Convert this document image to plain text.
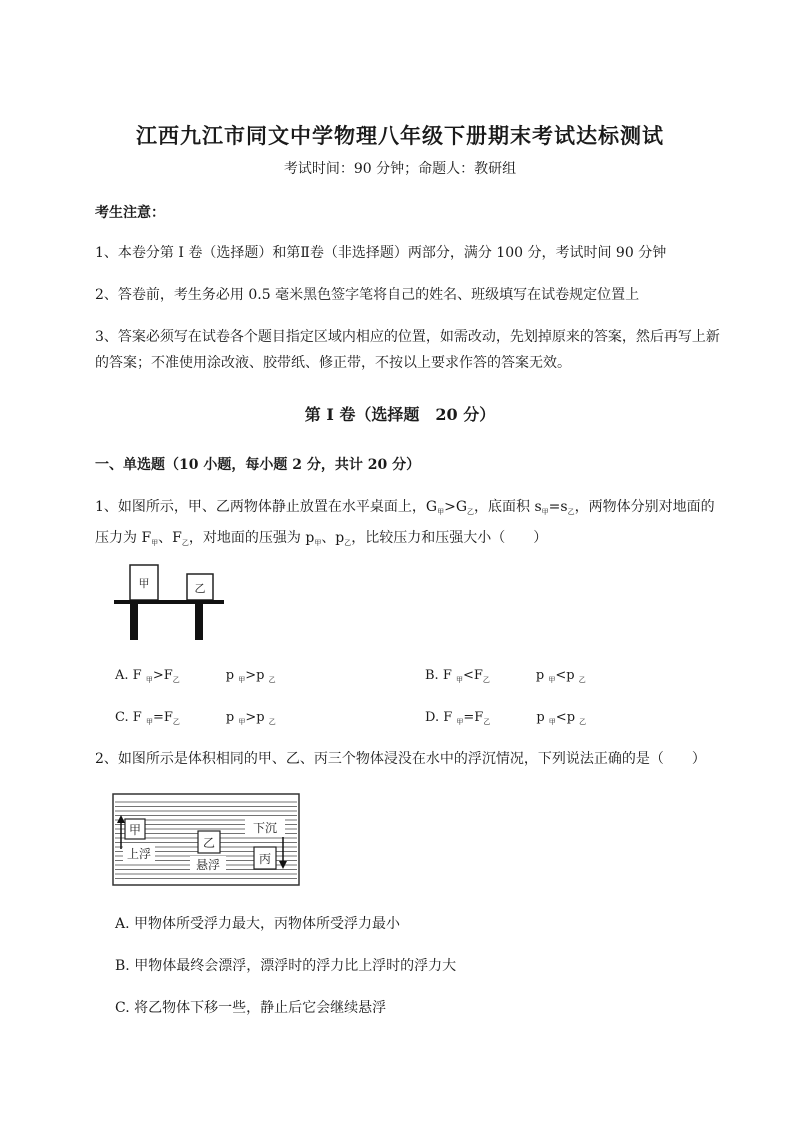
江西九江市同文中学物理八年级下册期末考试达标测试
考试时间：90 分钟；命题人：教研组
考生注意：
1、本卷分第 I 卷（选择题）和第Ⅱ卷（非选择题）两部分，满分 100 分，考试时间 90 分钟
2、答卷前，考生务必用 0.5 毫米黑色签字笔将自己的姓名、班级填写在试卷规定位置上
3、答案必须写在试卷各个题目指定区域内相应的位置，如需改动，先划掉原来的答案，然后再写上新的答案；不准使用涂改液、胶带纸、修正带，不按以上要求作答的答案无效。
第 I 卷（选择题　20 分）
一、单选题（10 小题，每小题 2 分，共计 20 分）
1、如图所示，甲、乙两物体静止放置在水平桌面上，$G_甲>G_乙$，底面积 $s_甲=s_乙$，两物体分别对地面的
压力为 $F_甲$、$F_乙$，对地面的压强为 $p_甲$、$p_乙$，比较压力和压强大小（　　）
甲	乙
A. F $_甲>F_乙$	p $_甲$>p $_乙$	B. F $_甲<F_乙$	p $_甲$<p $_乙$
C. F $_甲=F_乙$	p $_甲$>p $_乙$	D. F $_甲=F_乙$	p $_甲$<p $_乙$
2、如图所示是体积相同的甲、乙、丙三个物体浸没在水中的浮沉情况，下列说法正确的是（　　）
甲
上浮
乙
悬浮
下沉
丙
A. 甲物体所受浮力最大，丙物体所受浮力最小
B. 甲物体最终会漂浮，漂浮时的浮力比上浮时的浮力大
C. 将乙物体下移一些，静止后它会继续悬浮
